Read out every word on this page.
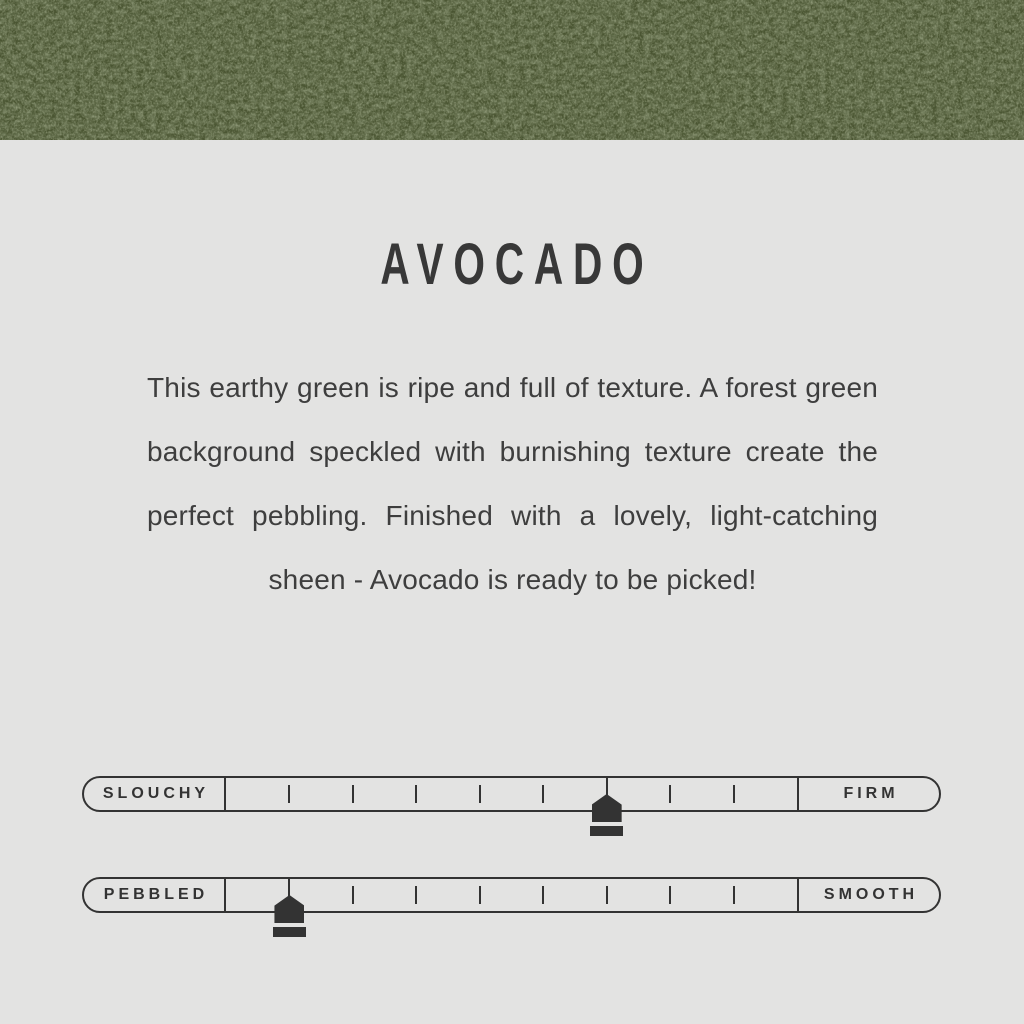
AVOCADO
This earthy green is ripe and full of texture. A forest green
background speckled with burnishing texture create the
perfect pebbling. Finished with a lovely, light-catching
sheen - Avocado is ready to be picked!
SLOUCHY	FIRM
PEBBLED	SMOOTH
